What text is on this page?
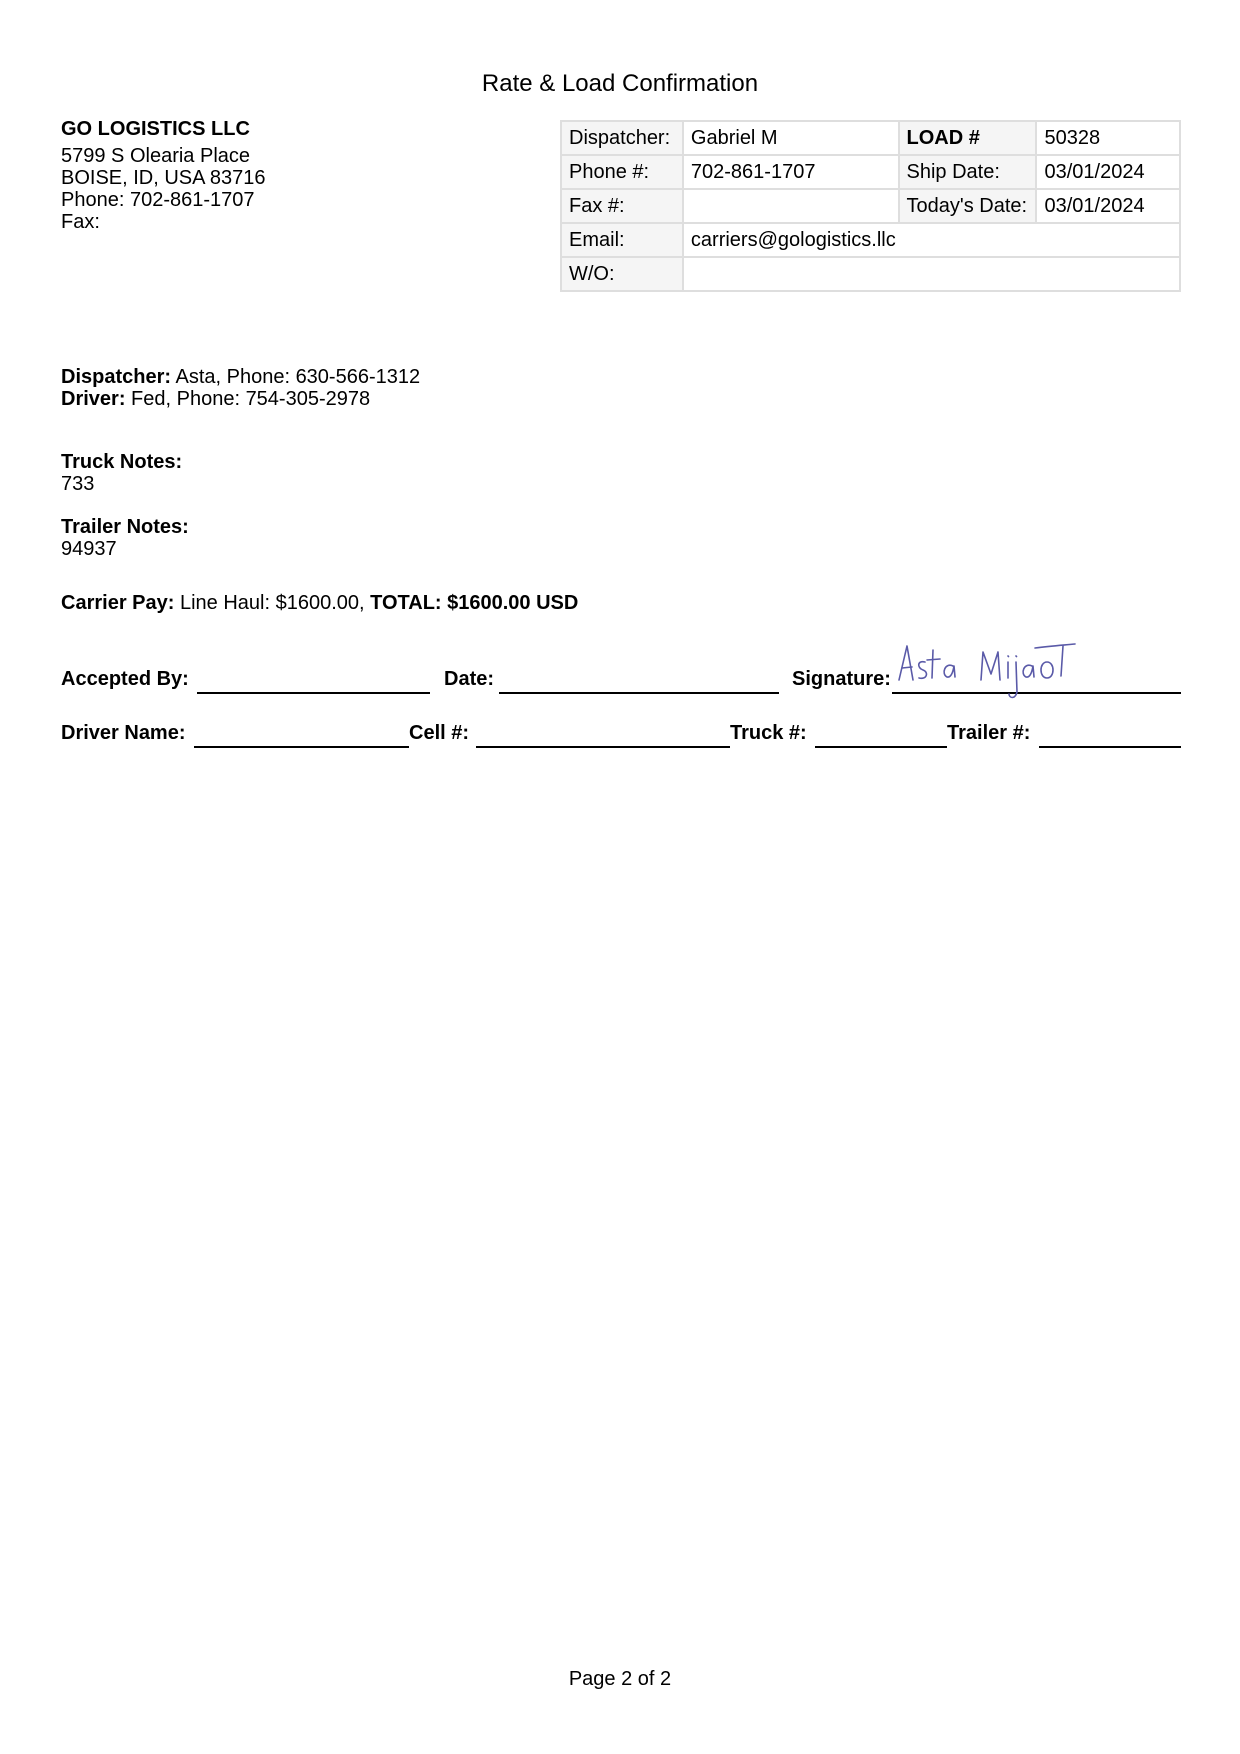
Rate & Load Confirmation
GO LOGISTICS LLC
5799 S Olearia Place
BOISE, ID, USA 83716
Phone: 702-861-1707
Fax:
Dispatcher:	Gabriel M	LOAD #	50328
Phone #:	702-861-1707	Ship Date:	03/01/2024
Fax #:		Today's Date:	03/01/2024
Email:	carriers@gologistics.llc		
W/O:			
Dispatcher: Asta, Phone: 630-566-1312
Driver: Fed, Phone: 754-305-2978
Truck Notes:
733
Trailer Notes:
94937
Carrier Pay: Line Haul: $1600.00, TOTAL: $1600.00 USD
Accepted By:	Date:	Signature:
Driver Name:	Cell #:	Truck #:	Trailer #:
Page 2 of 2
